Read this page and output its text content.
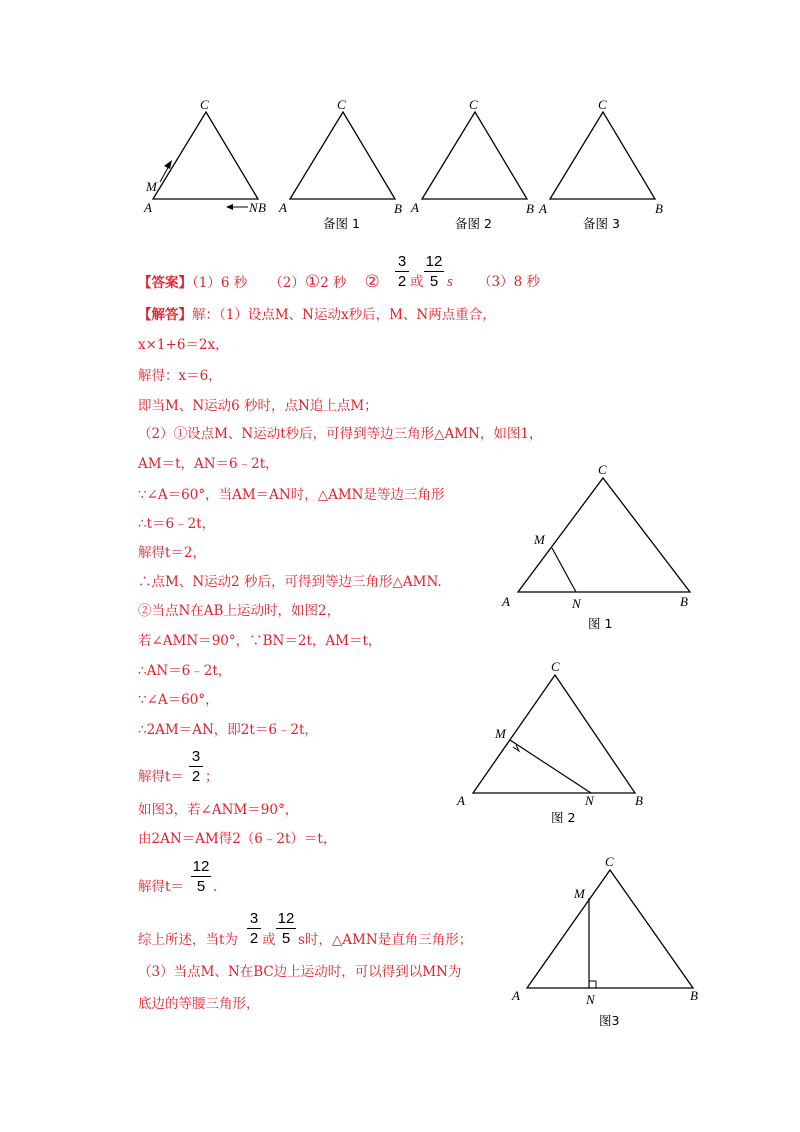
C
A	B
M
N
C
A	B
备图 1
C
A	B
备图 2
C
A	B
备图 3
【答案】（1）6 秒 （2）①2 秒 ②
3
2 或
12
5 s （3）8 秒
【解答】解：（1）设点M、N运动x秒后，M、N两点重合，
x×1+6＝2x，
解得：x＝6，
即当M、N运动6 秒时，点N追上点M；
（2）①设点M、N运动t秒后，可得到等边三角形△AMN，如图1，
AM＝t，AN＝6﹣2t，
∵∠A＝60°，当AM＝AN时，△AMN是等边三角形
∴t＝6﹣2t，
解得t＝2，
∴点M、N运动2 秒后，可得到等边三角形△AMN.
②当点N在AB上运动时，如图2，
若∠AMN＝90°，∵BN＝2t，AM＝t，
∴AN＝6﹣2t，
∵∠A＝60°，
∴2AM＝AN，即2t＝6﹣2t，
解得t＝
3
2 ；
如图3，若∠ANM＝90°，
由2AN＝AM得2（6﹣2t）＝t，
解得t＝
12
5 .
综上所述，当t为
3
2 或
12
5 s时，△AMN是直角三角形；
（3）当点M、N在BC边上运动时，可以得到以MN为
底边的等腰三角形，
C
A	B
M
N
图 1
C
A	B
M
N
图 2
C
A	B
M
N
图3
